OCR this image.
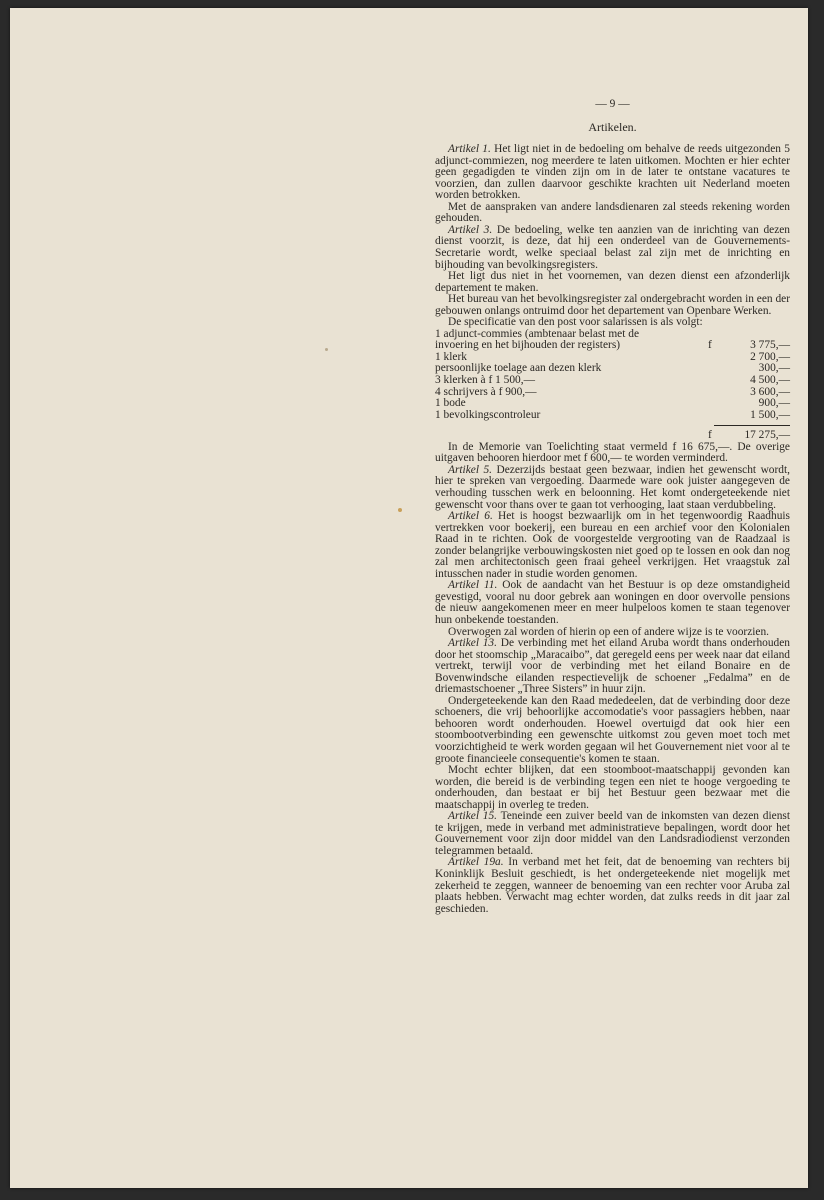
— 9 —
Artikelen.

Artikel 1. Het ligt niet in de bedoeling om behalve de reeds uitgezonden 5 adjunct-commiezen, nog meerdere te laten uitkomen. Mochten er hier echter geen gegadigden te vinden zijn om in de later te ontstane vacatures te voorzien, dan zullen daarvoor geschikte krachten uit Nederland moeten worden betrokken.

Met de aanspraken van andere landsdienaren zal steeds rekening worden gehouden.

Artikel 3. De bedoeling, welke ten aanzien van de inrichting van dezen dienst voorzit, is deze, dat hij een onderdeel van de Gouvernements-Secretarie wordt, welke speciaal belast zal zijn met de inrichting en bijhouding van bevolkingsregisters.

Het ligt dus niet in het voornemen, van dezen dienst een afzonderlijk departement te maken.

Het bureau van het bevolkingsregister zal ondergebracht worden in een der gebouwen onlangs ontruimd door het departement van Openbare Werken.

De specificatie van den post voor salarissen is als volgt:

1 adjunct-commies (ambtenaar belast met de
invoering en het bijhouden der registers)	f	3 775,—
1 klerk	2 700,—
persoonlijke toelage aan dezen klerk	300,—
3 klerken à f 1 500,—	4 500,—
4 schrijvers à f 900,—	3 600,—
1 bode	900,—
1 bevolkingscontroleur	1 500,—
f	17 275,—

In de Memorie van Toelichting staat vermeld f 16 675,—. De overige uitgaven behooren hierdoor met f 600,— te worden verminderd.

Artikel 5. Dezerzijds bestaat geen bezwaar, indien het gewenscht wordt, hier te spreken van vergoeding. Daarmede ware ook juister aangegeven de verhouding tusschen werk en beloonning. Het komt ondergeteekende niet gewenscht voor thans over te gaan tot verhooging, laat staan verdubbeling.

Artikel 6. Het is hoogst bezwaarlijk om in het tegenwoordig Raadhuis vertrekken voor boekerij, een bureau en een archief voor den Kolonialen Raad in te richten. Ook de voorgestelde vergrooting van de Raadzaal is zonder belangrijke verbouwingskosten niet goed op te lossen en ook dan nog zal men architectonisch geen fraai geheel verkrijgen. Het vraagstuk zal intusschen nader in studie worden genomen.

Artikel 11. Ook de aandacht van het Bestuur is op deze omstandigheid gevestigd, vooral nu door gebrek aan woningen en door overvolle pensions de nieuw aangekomenen meer en meer hulpeloos komen te staan tegenover hun onbekende toestanden.

Overwogen zal worden of hierin op een of andere wijze is te voorzien.

Artikel 13. De verbinding met het eiland Aruba wordt thans onderhouden door het stoomschip „Maracaibo”, dat geregeld eens per week naar dat eiland vertrekt, terwijl voor de verbinding met het eiland Bonaire en de Bovenwindsche eilanden respectievelijk de schoener „Fedalma” en de driemastschoener „Three Sisters” in huur zijn.

Ondergeteekende kan den Raad mededeelen, dat de verbinding door deze schoeners, die vrij behoorlijke accomodatie's voor passagiers hebben, naar behooren wordt onderhouden. Hoewel overtuigd dat ook hier een stoombootverbinding een gewenschte uitkomst zou geven moet toch met voorzichtigheid te werk worden gegaan wil het Gouvernement niet voor al te groote financieele consequentie's komen te staan.

Mocht echter blijken, dat een stoomboot-maatschappij gevonden kan worden, die bereid is de verbinding tegen een niet te hooge vergoeding te onderhouden, dan bestaat er bij het Bestuur geen bezwaar met die maatschappij in overleg te treden.

Artikel 15. Teneinde een zuiver beeld van de inkomsten van dezen dienst te krijgen, mede in verband met administratieve bepalingen, wordt door het Gouvernement voor zijn door middel van den Landsradiodienst verzonden telegrammen betaald.

Artikel 19a. In verband met het feit, dat de benoeming van rechters bij Koninklijk Besluit geschiedt, is het ondergeteekende niet mogelijk met zekerheid te zeggen, wanneer de benoeming van een rechter voor Aruba zal plaats hebben. Verwacht mag echter worden, dat zulks reeds in dit jaar zal geschieden.
